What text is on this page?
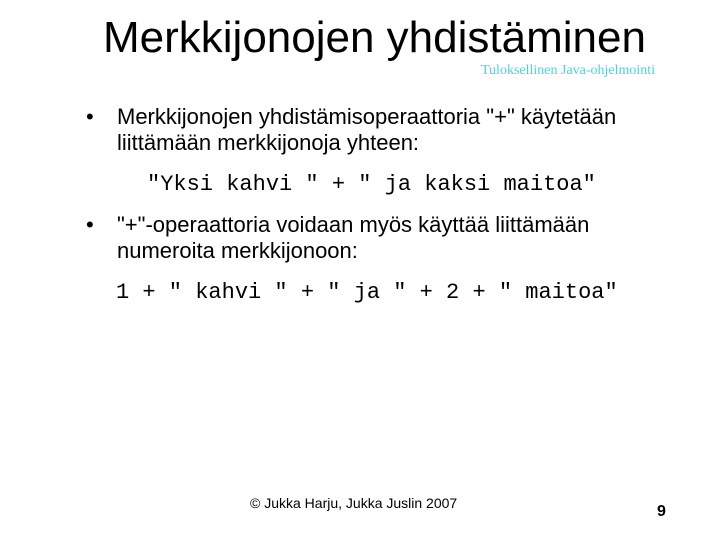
Merkkijonojen yhdistäminen
Tuloksellinen Java-ohjelmointi
• Merkkijonojen yhdistämisoperaattoria "+" käytetään liittämään merkkijonoja yhteen:
"Yksi kahvi " + " ja kaksi maitoa"
• "+"-operaattoria voidaan myös käyttää liittämään numeroita merkkijonoon:
1 + " kahvi " + " ja " + 2 + " maitoa"
© Jukka Harju, Jukka Juslin 2007	9
